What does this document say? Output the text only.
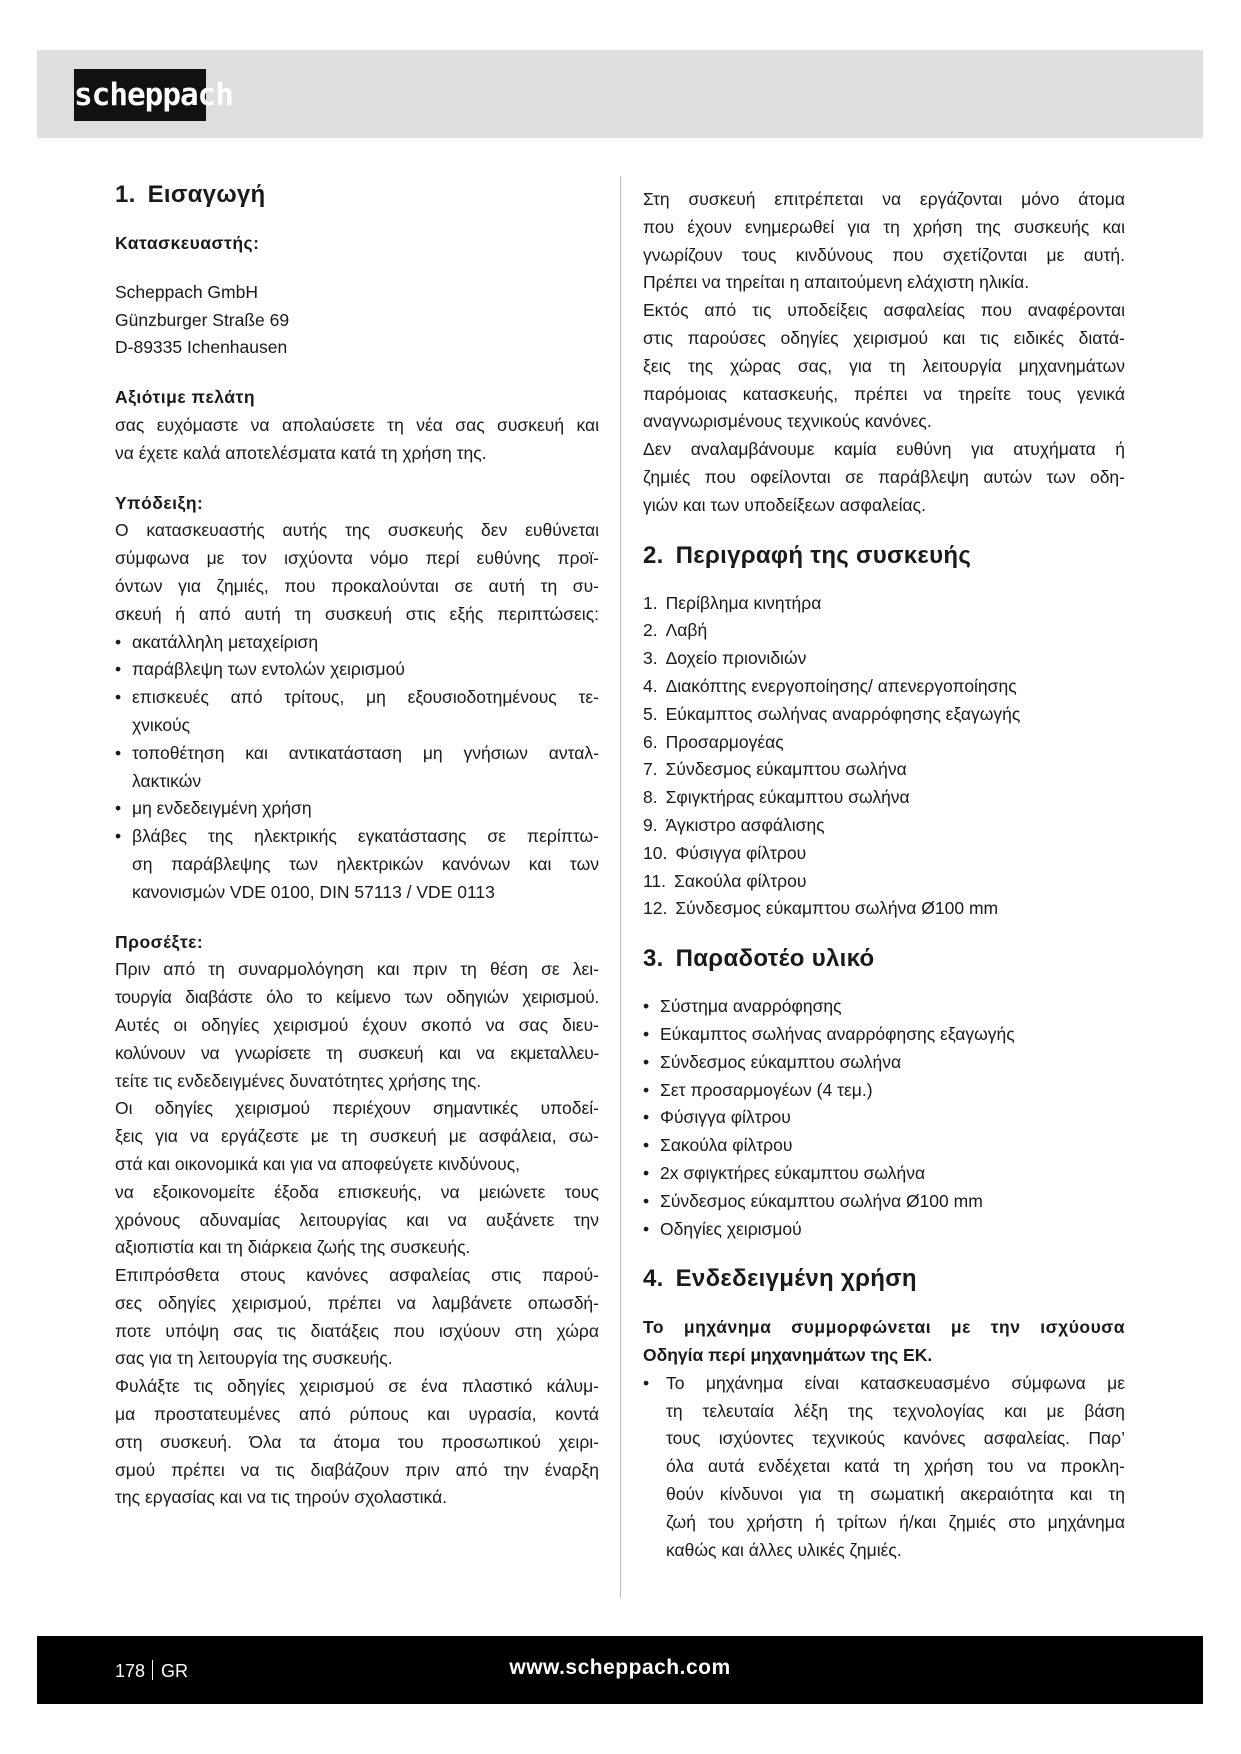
scheppach
1. Εισαγωγή

Κατασκευαστής:

Scheppach GmbH
Günzburger Straße 69
D-89335 Ichenhausen

Αξιότιμε πελάτη

σας ευχόμαστε να απολαύσετε τη νέα σας συσκευή και
να έχετε καλά αποτελέσματα κατά τη χρήση της.

Υπόδειξη:

Ο κατασκευαστής αυτής της συσκευής δεν ευθύνεται
σύμφωνα με τον ισχύοντα νόμο περί ευθύνης προϊ-
όντων για ζημιές, που προκαλούνται σε αυτή τη συ-
σκευή ή από αυτή τη συσκευή στις εξής περιπτώσεις:
• ακατάλληλη μεταχείριση
• παράβλεψη των εντολών χειρισμού
• επισκευές από τρίτους, μη εξουσιοδοτημένους τε-
χνικούς
• τοποθέτηση και αντικατάσταση μη γνήσιων ανταλ-
λακτικών
• μη ενδεδειγμένη χρήση
• βλάβες της ηλεκτρικής εγκατάστασης σε περίπτω-
ση παράβλεψης των ηλεκτρικών κανόνων και των
κανονισμών VDE 0100, DIN 57113 / VDE 0113

Προσέξτε:

Πριν από τη συναρμολόγηση και πριν τη θέση σε λει-
τουργία διαβάστε όλο το κείμενο των οδηγιών χειρισμού.
Αυτές οι οδηγίες χειρισμού έχουν σκοπό να σας διευ-
κολύνουν να γνωρίσετε τη συσκευή και να εκμεταλλευ-
τείτε τις ενδεδειγμένες δυνατότητες χρήσης της.
Οι οδηγίες χειρισμού περιέχουν σημαντικές υποδεί-
ξεις για να εργάζεστε με τη συσκευή με ασφάλεια, σω-
στά και οικονομικά και για να αποφεύγετε κινδύνους,
να εξοικονομείτε έξοδα επισκευής, να μειώνετε τους
χρόνους αδυναμίας λειτουργίας και να αυξάνετε την
αξιοπιστία και τη διάρκεια ζωής της συσκευής.
Επιπρόσθετα στους κανόνες ασφαλείας στις παρού-
σες οδηγίες χειρισμού, πρέπει να λαμβάνετε οπωσδή-
ποτε υπόψη σας τις διατάξεις που ισχύουν στη χώρα
σας για τη λειτουργία της συσκευής.
Φυλάξτε τις οδηγίες χειρισμού σε ένα πλαστικό κάλυμ-
μα προστατευμένες από ρύπους και υγρασία, κοντά
στη συσκευή. Όλα τα άτομα του προσωπικού χειρι-
σμού πρέπει να τις διαβάζουν πριν από την έναρξη
της εργασίας και να τις τηρούν σχολαστικά.
Στη συσκευή επιτρέπεται να εργάζονται μόνο άτομα
που έχουν ενημερωθεί για τη χρήση της συσκευής και
γνωρίζουν τους κινδύνους που σχετίζονται με αυτή.
Πρέπει να τηρείται η απαιτούμενη ελάχιστη ηλικία.
Εκτός από τις υποδείξεις ασφαλείας που αναφέρονται
στις παρούσες οδηγίες χειρισμού και τις ειδικές διατά-
ξεις της χώρας σας, για τη λειτουργία μηχανημάτων
παρόμοιας κατασκευής, πρέπει να τηρείτε τους γενικά
αναγνωρισμένους τεχνικούς κανόνες.
Δεν αναλαμβάνουμε καμία ευθύνη για ατυχήματα ή
ζημιές που οφείλονται σε παράβλεψη αυτών των οδη-
γιών και των υποδείξεων ασφαλείας.
2. Περιγραφή της συσκευής
1. Περίβλημα κινητήρα
2. Λαβή
3. Δοχείο πριονιδιών
4. Διακόπτης ενεργοποίησης/ απενεργοποίησης
5. Εύκαμπτος σωλήνας αναρρόφησης εξαγωγής
6. Προσαρμογέας
7. Σύνδεσμος εύκαμπτου σωλήνα
8. Σφιγκτήρας εύκαμπτου σωλήνα
9. Άγκιστρο ασφάλισης
10. Φύσιγγα φίλτρου
11. Σακούλα φίλτρου
12. Σύνδεσμος εύκαμπτου σωλήνα Ø100 mm
3. Παραδοτέο υλικό
• Σύστημα αναρρόφησης
• Εύκαμπτος σωλήνας αναρρόφησης εξαγωγής
• Σύνδεσμος εύκαμπτου σωλήνα
• Σετ προσαρμογέων (4 τεμ.)
• Φύσιγγα φίλτρου
• Σακούλα φίλτρου
• 2x σφιγκτήρες εύκαμπτου σωλήνα
• Σύνδεσμος εύκαμπτου σωλήνα Ø100 mm
• Οδηγίες χειρισμού
4. Ενδεδειγμένη χρήση
Το μηχάνημα συμμορφώνεται με την ισχύουσα
Οδηγία περί μηχανημάτων της ΕΚ.
• Το μηχάνημα είναι κατασκευασμένο σύμφωνα με
τη τελευταία λέξη της τεχνολογίας και με βάση
τους ισχύοντες τεχνικούς κανόνες ασφαλείας. Παρ’
όλα αυτά ενδέχεται κατά τη χρήση του να προκλη-
θούν κίνδυνοι για τη σωματική ακεραιότητα και τη
ζωή του χρήστη ή τρίτων ή/και ζημιές στο μηχάνημα
καθώς και άλλες υλικές ζημιές.
178 GR	www.scheppach.com
